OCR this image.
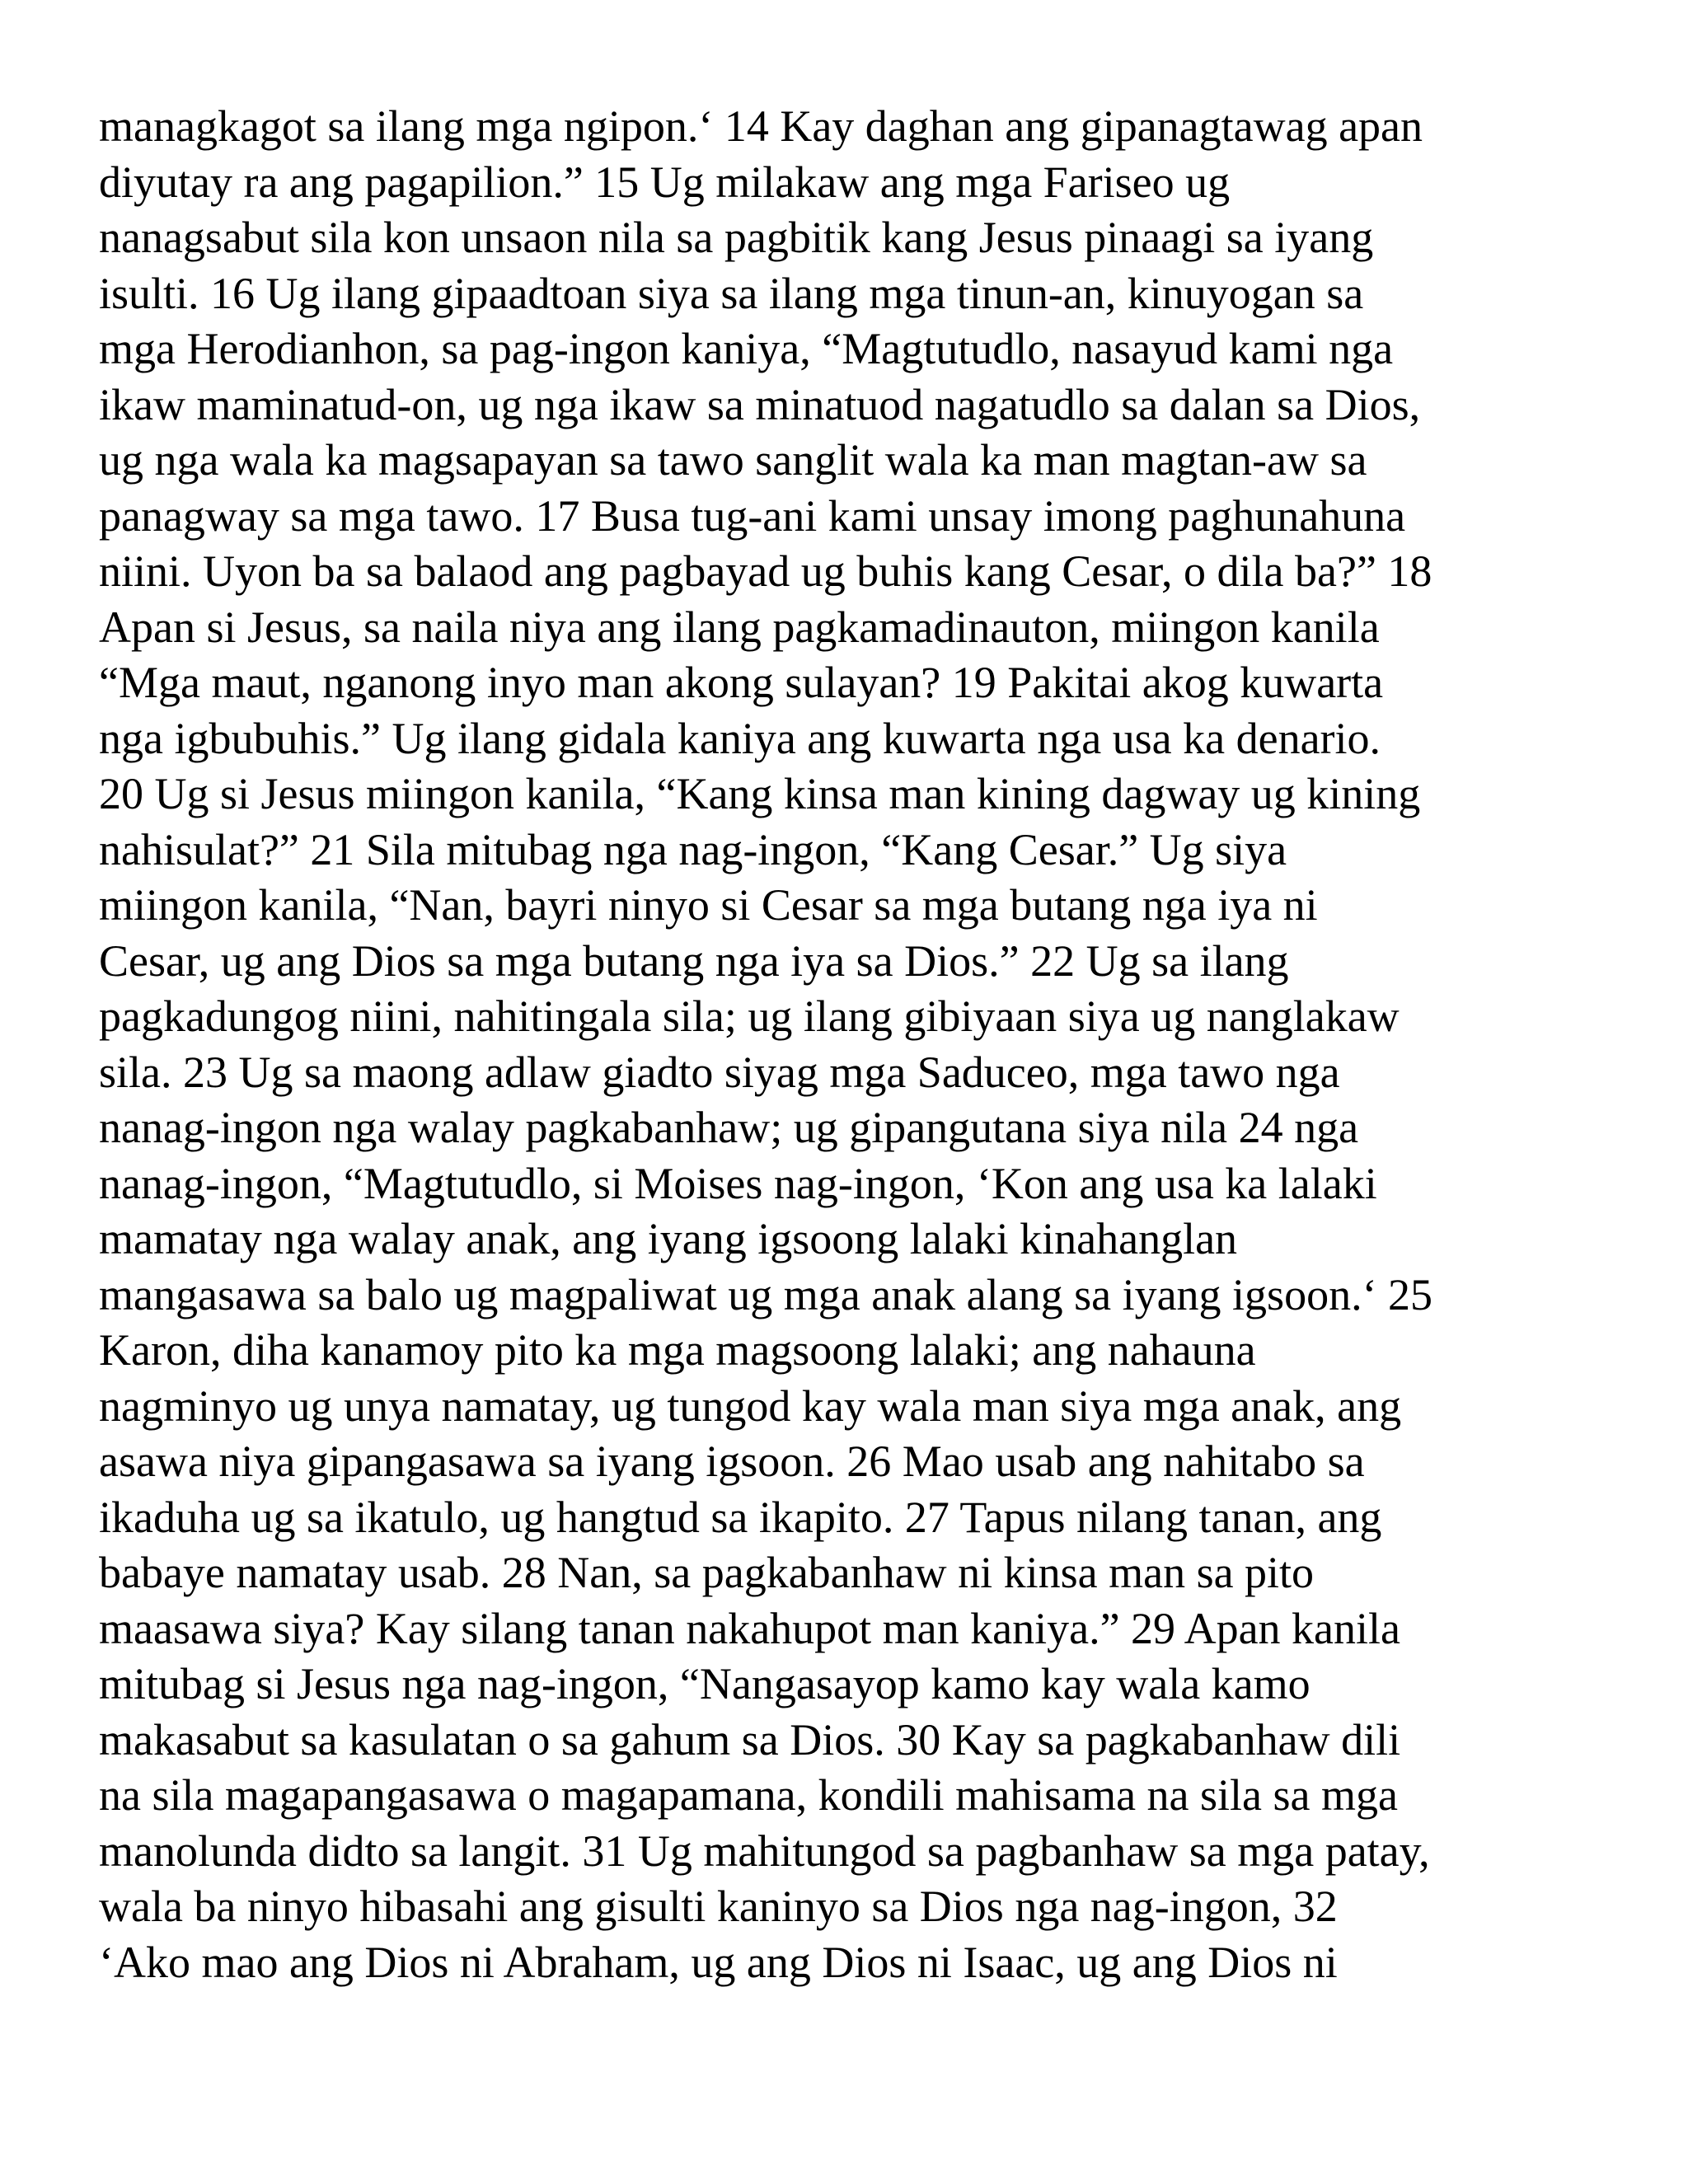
managkagot sa ilang mga ngipon.‘ 14 Kay daghan ang gipanagtawag apan
diyutay ra ang pagapilion.” 15 Ug milakaw ang mga Fariseo ug
nanagsabut sila kon unsaon nila sa pagbitik kang Jesus pinaagi sa iyang
isulti. 16 Ug ilang gipaadtoan siya sa ilang mga tinun-an, kinuyogan sa
mga Herodianhon, sa pag-ingon kaniya, “Magtutudlo, nasayud kami nga
ikaw maminatud-on, ug nga ikaw sa minatuod nagatudlo sa dalan sa Dios,
ug nga wala ka magsapayan sa tawo sanglit wala ka man magtan-aw sa
panagway sa mga tawo. 17 Busa tug-ani kami unsay imong paghunahuna
niini. Uyon ba sa balaod ang pagbayad ug buhis kang Cesar, o dila ba?” 18
Apan si Jesus, sa naila niya ang ilang pagkamadinauton, miingon kanila
“Mga maut, nganong inyo man akong sulayan? 19 Pakitai akog kuwarta
nga igbubuhis.” Ug ilang gidala kaniya ang kuwarta nga usa ka denario.
20 Ug si Jesus miingon kanila, “Kang kinsa man kining dagway ug kining
nahisulat?” 21 Sila mitubag nga nag-ingon, “Kang Cesar.” Ug siya
miingon kanila, “Nan, bayri ninyo si Cesar sa mga butang nga iya ni
Cesar, ug ang Dios sa mga butang nga iya sa Dios.” 22 Ug sa ilang
pagkadungog niini, nahitingala sila; ug ilang gibiyaan siya ug nanglakaw
sila. 23 Ug sa maong adlaw giadto siyag mga Saduceo, mga tawo nga
nanag-ingon nga walay pagkabanhaw; ug gipangutana siya nila 24 nga
nanag-ingon, “Magtutudlo, si Moises nag-ingon, ‘Kon ang usa ka lalaki
mamatay nga walay anak, ang iyang igsoong lalaki kinahanglan
mangasawa sa balo ug magpaliwat ug mga anak alang sa iyang igsoon.‘ 25
Karon, diha kanamoy pito ka mga magsoong lalaki; ang nahauna
nagminyo ug unya namatay, ug tungod kay wala man siya mga anak, ang
asawa niya gipangasawa sa iyang igsoon. 26 Mao usab ang nahitabo sa
ikaduha ug sa ikatulo, ug hangtud sa ikapito. 27 Tapus nilang tanan, ang
babaye namatay usab. 28 Nan, sa pagkabanhaw ni kinsa man sa pito
maasawa siya? Kay silang tanan nakahupot man kaniya.” 29 Apan kanila
mitubag si Jesus nga nag-ingon, “Nangasayop kamo kay wala kamo
makasabut sa kasulatan o sa gahum sa Dios. 30 Kay sa pagkabanhaw dili
na sila magapangasawa o magapamana, kondili mahisama na sila sa mga
manolunda didto sa langit. 31 Ug mahitungod sa pagbanhaw sa mga patay,
wala ba ninyo hibasahi ang gisulti kaninyo sa Dios nga nag-ingon, 32
‘Ako mao ang Dios ni Abraham, ug ang Dios ni Isaac, ug ang Dios ni
